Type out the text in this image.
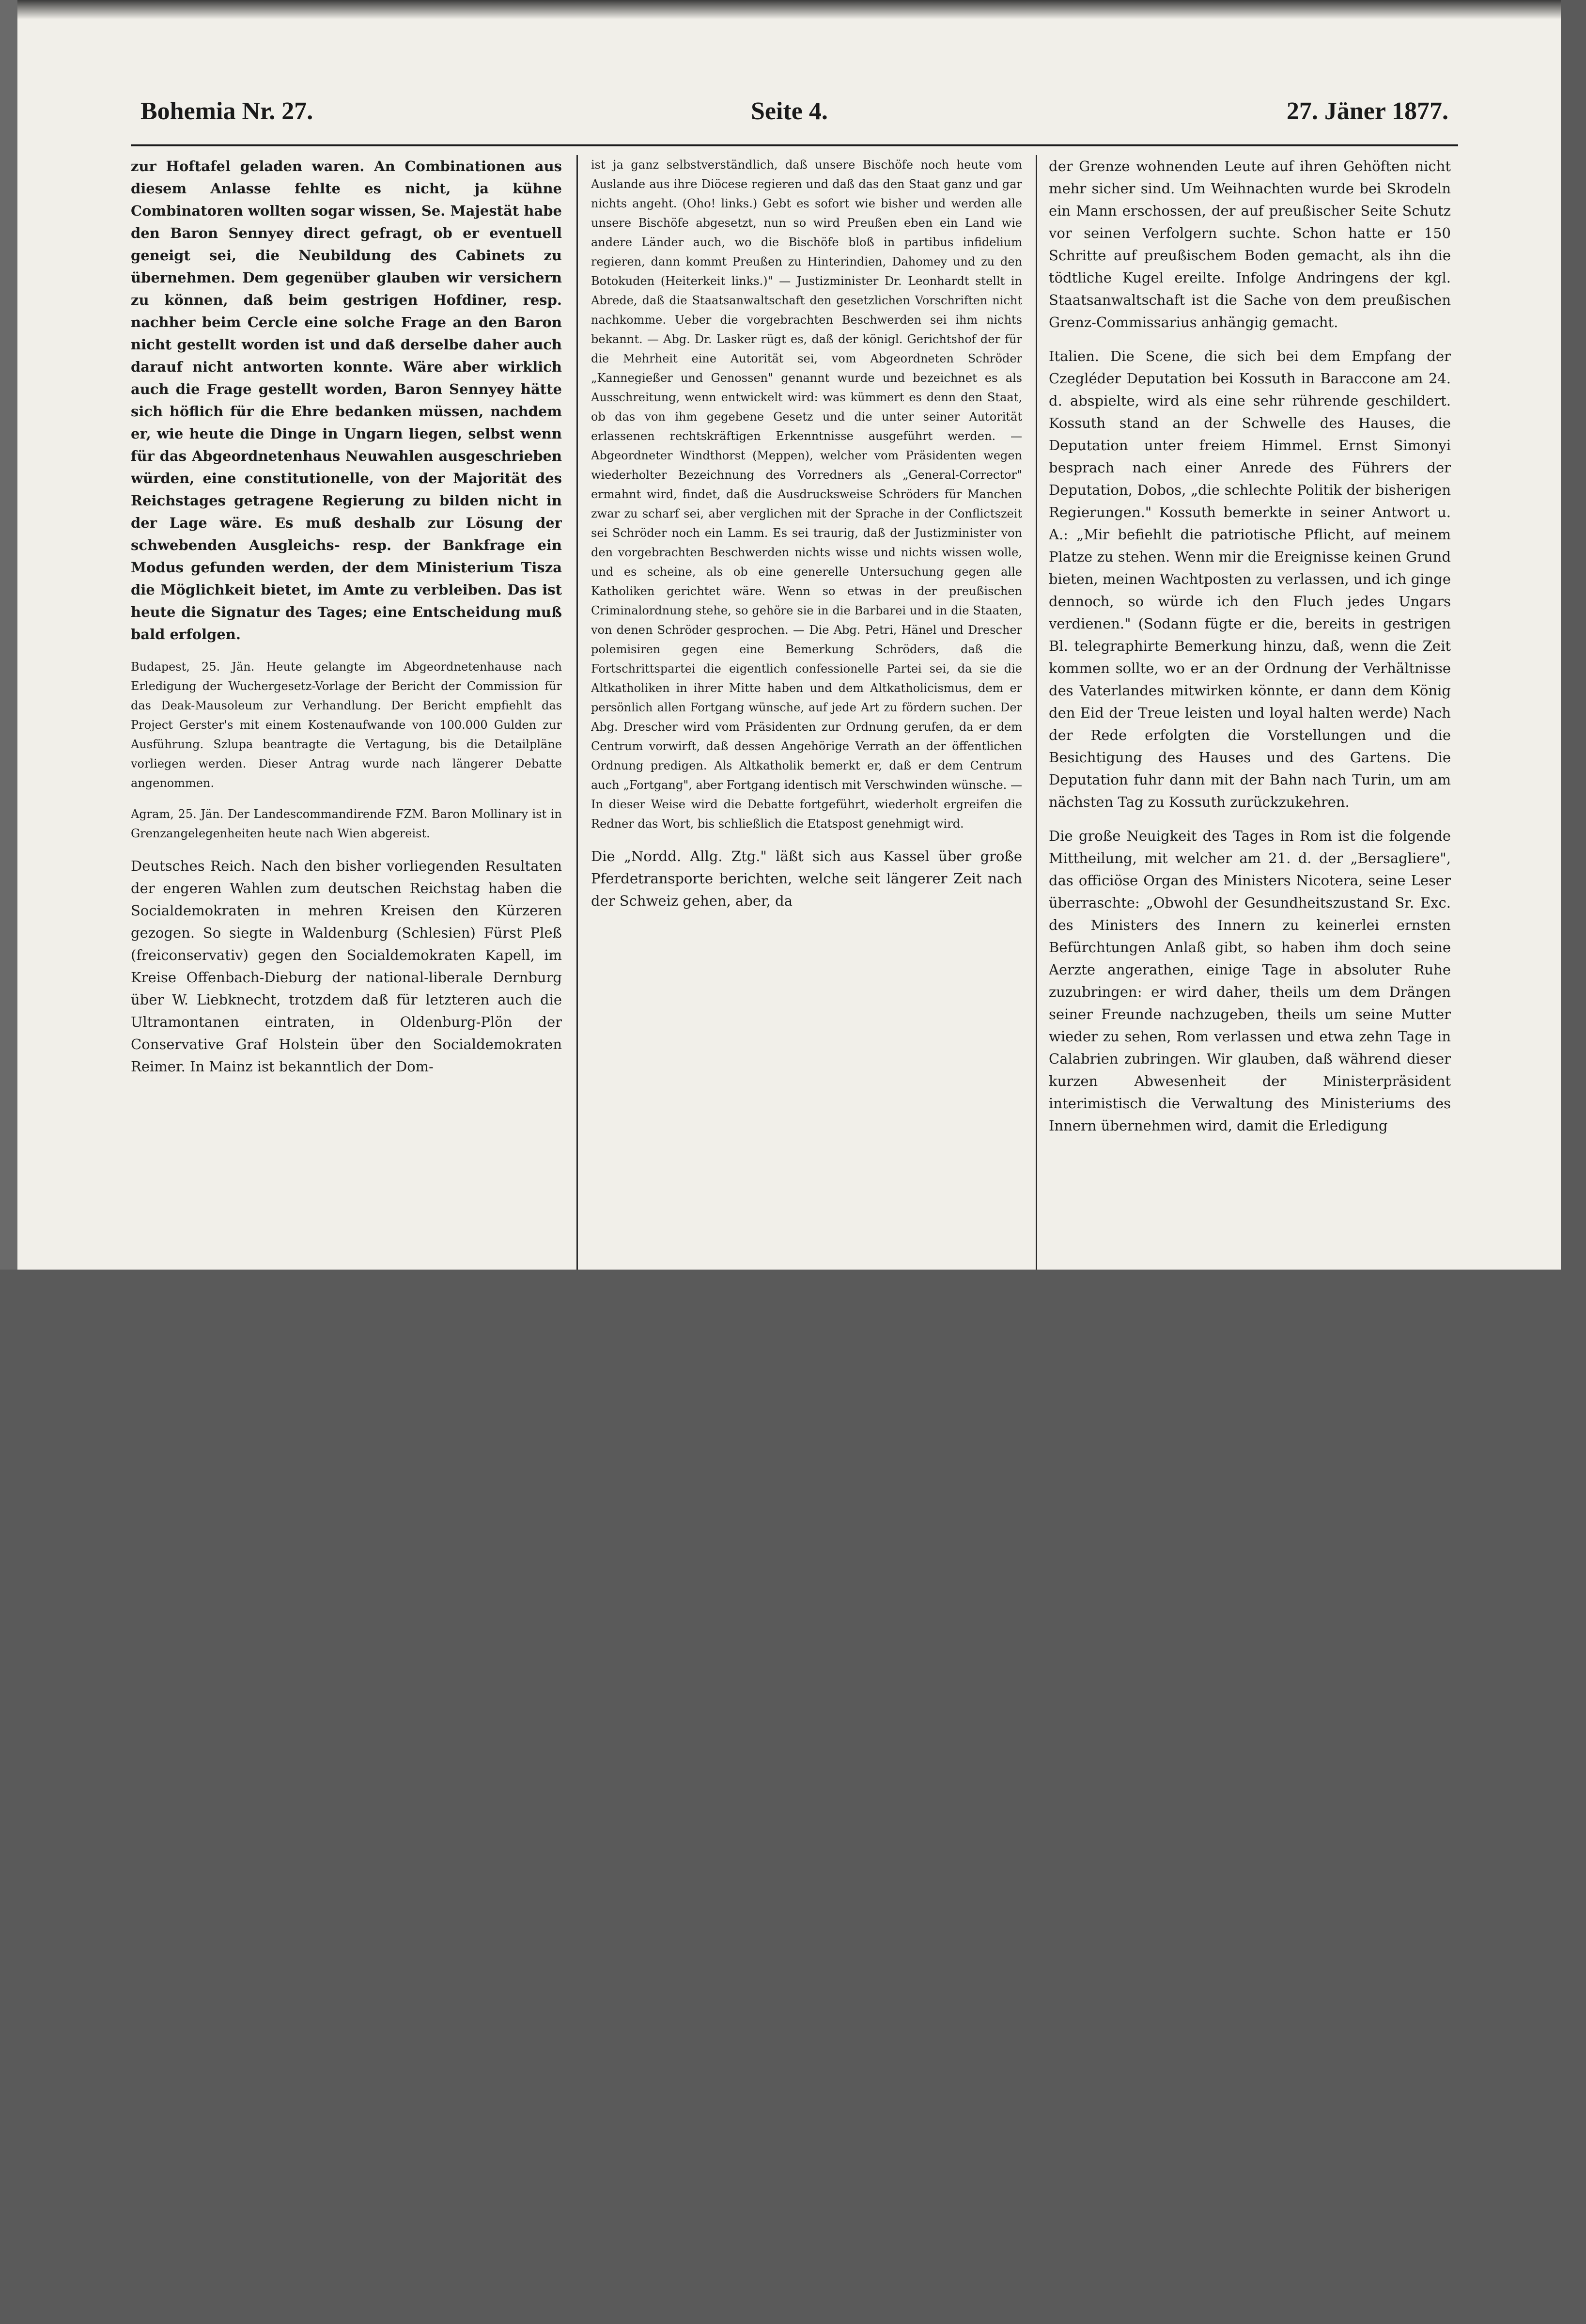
Bohemia Nr. 27.	Seite 4.	27. Jäner 1877.

zur Hoftafel geladen waren. An Combinationen aus diesem Anlasse fehlte es nicht, ja kühne Combinatoren wollten sogar wissen, Se. Majestät habe den Baron Sennyey direct gefragt, ob er eventuell geneigt sei, die Neubildung des Cabinets zu übernehmen. Dem gegenüber glauben wir versichern zu können, daß beim gestrigen Hofdiner, resp. nachher beim Cercle eine solche Frage an den Baron nicht gestellt worden ist und daß derselbe daher auch darauf nicht antworten konnte. Wäre aber wirklich auch die Frage gestellt worden, Baron Sennyey hätte sich höflich für die Ehre bedanken müssen, nachdem er, wie heute die Dinge in Ungarn liegen, selbst wenn für das Abgeordnetenhaus Neuwahlen ausgeschrieben würden, eine constitutionelle, von der Majorität des Reichstages getragene Regierung zu bilden nicht in der Lage wäre. Es muß deshalb zur Lösung der schwebenden Ausgleichs- resp. der Bankfrage ein Modus gefunden werden, der dem Ministerium Tisza die Möglichkeit bietet, im Amte zu verbleiben. Das ist heute die Signatur des Tages; eine Entscheidung muß bald erfolgen.

Budapest, 25. Jän. Heute gelangte im Abgeordnetenhause nach Erledigung der Wuchergesetz-Vorlage der Bericht der Commission für das Deak-Mausoleum zur Verhandlung. Der Bericht empfiehlt das Project Gerster's mit einem Kostenaufwande von 100.000 Gulden zur Ausführung. Szlupa beantragte die Vertagung, bis die Detailpläne vorliegen werden. Dieser Antrag wurde nach längerer Debatte angenommen.

Agram, 25. Jän. Der Landescommandirende FZM. Baron Mollinary ist in Grenzangelegenheiten heute nach Wien abgereist.

Deutsches Reich. Nach den bisher vorliegenden Resultaten der engeren Wahlen zum deutschen Reichstag haben die Socialdemokraten in mehren Kreisen den Kürzeren gezogen. So siegte in Waldenburg (Schlesien) Fürst Pleß (freiconservativ) gegen den Socialdemokraten Kapell, im Kreise Offenbach-Dieburg der national-liberale Dernburg über W. Liebknecht, trotzdem daß für letzteren auch die Ultramontanen eintraten, in Oldenburg-Plön der Conservative Graf Holstein über den Socialdemokraten Reimer. In Mainz ist bekanntlich der Dom-

ist ja ganz selbstverständlich, daß unsere Bischöfe noch heute vom Auslande aus ihre Diöcese regieren und daß das den Staat ganz und gar nichts angeht. (Oho! links.) Gebt es sofort wie bisher und werden alle unsere Bischöfe abgesetzt, nun so wird Preußen eben ein Land wie andere Länder auch, wo die Bischöfe bloß in partibus infidelium regieren, dann kommt Preußen zu Hinterindien, Dahomey und zu den Botokuden (Heiterkeit links.)" — Justizminister Dr. Leonhardt stellt in Abrede, daß die Staatsanwaltschaft den gesetzlichen Vorschriften nicht nachkomme. Ueber die vorgebrachten Beschwerden sei ihm nichts bekannt. — Abg. Dr. Lasker rügt es, daß der königl. Gerichtshof der für die Mehrheit eine Autorität sei, vom Abgeordneten Schröder „Kannegießer und Genossen" genannt wurde und bezeichnet es als Ausschreitung, wenn entwickelt wird: was kümmert es denn den Staat, ob das von ihm gegebene Gesetz und die unter seiner Autorität erlassenen rechtskräftigen Erkenntnisse ausgeführt werden. — Abgeordneter Windthorst (Meppen), welcher vom Präsidenten wegen wiederholter Bezeichnung des Vorredners als „General-Corrector" ermahnt wird, findet, daß die Ausdrucksweise Schröders für Manchen zwar zu scharf sei, aber verglichen mit der Sprache in der Conflictszeit sei Schröder noch ein Lamm. Es sei traurig, daß der Justizminister von den vorgebrachten Beschwerden nichts wisse und nichts wissen wolle, und es scheine, als ob eine generelle Untersuchung gegen alle Katholiken gerichtet wäre. Wenn so etwas in der preußischen Criminalordnung stehe, so gehöre sie in die Barbarei und in die Staaten, von denen Schröder gesprochen. — Die Abg. Petri, Hänel und Drescher polemisiren gegen eine Bemerkung Schröders, daß die Fortschrittspartei die eigentlich confessionelle Partei sei, da sie die Altkatholiken in ihrer Mitte haben und dem Altkatholicismus, dem er persönlich allen Fortgang wünsche, auf jede Art zu fördern suchen. Der Abg. Drescher wird vom Präsidenten zur Ordnung gerufen, da er dem Centrum vorwirft, daß dessen Angehörige Verrath an der öffentlichen Ordnung predigen. Als Altkatholik bemerkt er, daß er dem Centrum auch „Fortgang", aber Fortgang identisch mit Verschwinden wünsche. — In dieser Weise wird die Debatte fortgeführt, wiederholt ergreifen die Redner das Wort, bis schließlich die Etatspost genehmigt wird.

Die „Nordd. Allg. Ztg." läßt sich aus Kassel über große Pferdetransporte berichten, welche seit längerer Zeit nach der Schweiz gehen, aber, da

der Grenze wohnenden Leute auf ihren Gehöften nicht mehr sicher sind. Um Weihnachten wurde bei Skrodeln ein Mann erschossen, der auf preußischer Seite Schutz vor seinen Verfolgern suchte. Schon hatte er 150 Schritte auf preußischem Boden gemacht, als ihn die tödtliche Kugel ereilte. Infolge Andringens der kgl. Staatsanwaltschaft ist die Sache von dem preußischen Grenz-Commissarius anhängig gemacht.

Italien. Die Scene, die sich bei dem Empfang der Czegléder Deputation bei Kossuth in Baraccone am 24. d. abspielte, wird als eine sehr rührende geschildert. Kossuth stand an der Schwelle des Hauses, die Deputation unter freiem Himmel. Ernst Simonyi besprach nach einer Anrede des Führers der Deputation, Dobos, „die schlechte Politik der bisherigen Regierungen." Kossuth bemerkte in seiner Antwort u. A.: „Mir befiehlt die patriotische Pflicht, auf meinem Platze zu stehen. Wenn mir die Ereignisse keinen Grund bieten, meinen Wachtposten zu verlassen, und ich ginge dennoch, so würde ich den Fluch jedes Ungars verdienen." (Sodann fügte er die, bereits in gestrigen Bl. telegraphirte Bemerkung hinzu, daß, wenn die Zeit kommen sollte, wo er an der Ordnung der Verhältnisse des Vaterlandes mitwirken könnte, er dann dem König den Eid der Treue leisten und loyal halten werde) Nach der Rede erfolgten die Vorstellungen und die Besichtigung des Hauses und des Gartens. Die Deputation fuhr dann mit der Bahn nach Turin, um am nächsten Tag zu Kossuth zurückzukehren.

Die große Neuigkeit des Tages in Rom ist die folgende Mittheilung, mit welcher am 21. d. der „Bersagliere", das officiöse Organ des Ministers Nicotera, seine Leser überraschte: „Obwohl der Gesundheitszustand Sr. Exc. des Ministers des Innern zu keinerlei ernsten Befürchtungen Anlaß gibt, so haben ihm doch seine Aerzte angerathen, einige Tage in absoluter Ruhe zuzubringen: er wird daher, theils um dem Drängen seiner Freunde nachzugeben, theils um seine Mutter wieder zu sehen, Rom verlassen und etwa zehn Tage in Calabrien zubringen. Wir glauben, daß während dieser kurzen Abwesenheit der Ministerpräsident interimistisch die Verwaltung des Ministeriums des Innern übernehmen wird, damit die Erledigung
